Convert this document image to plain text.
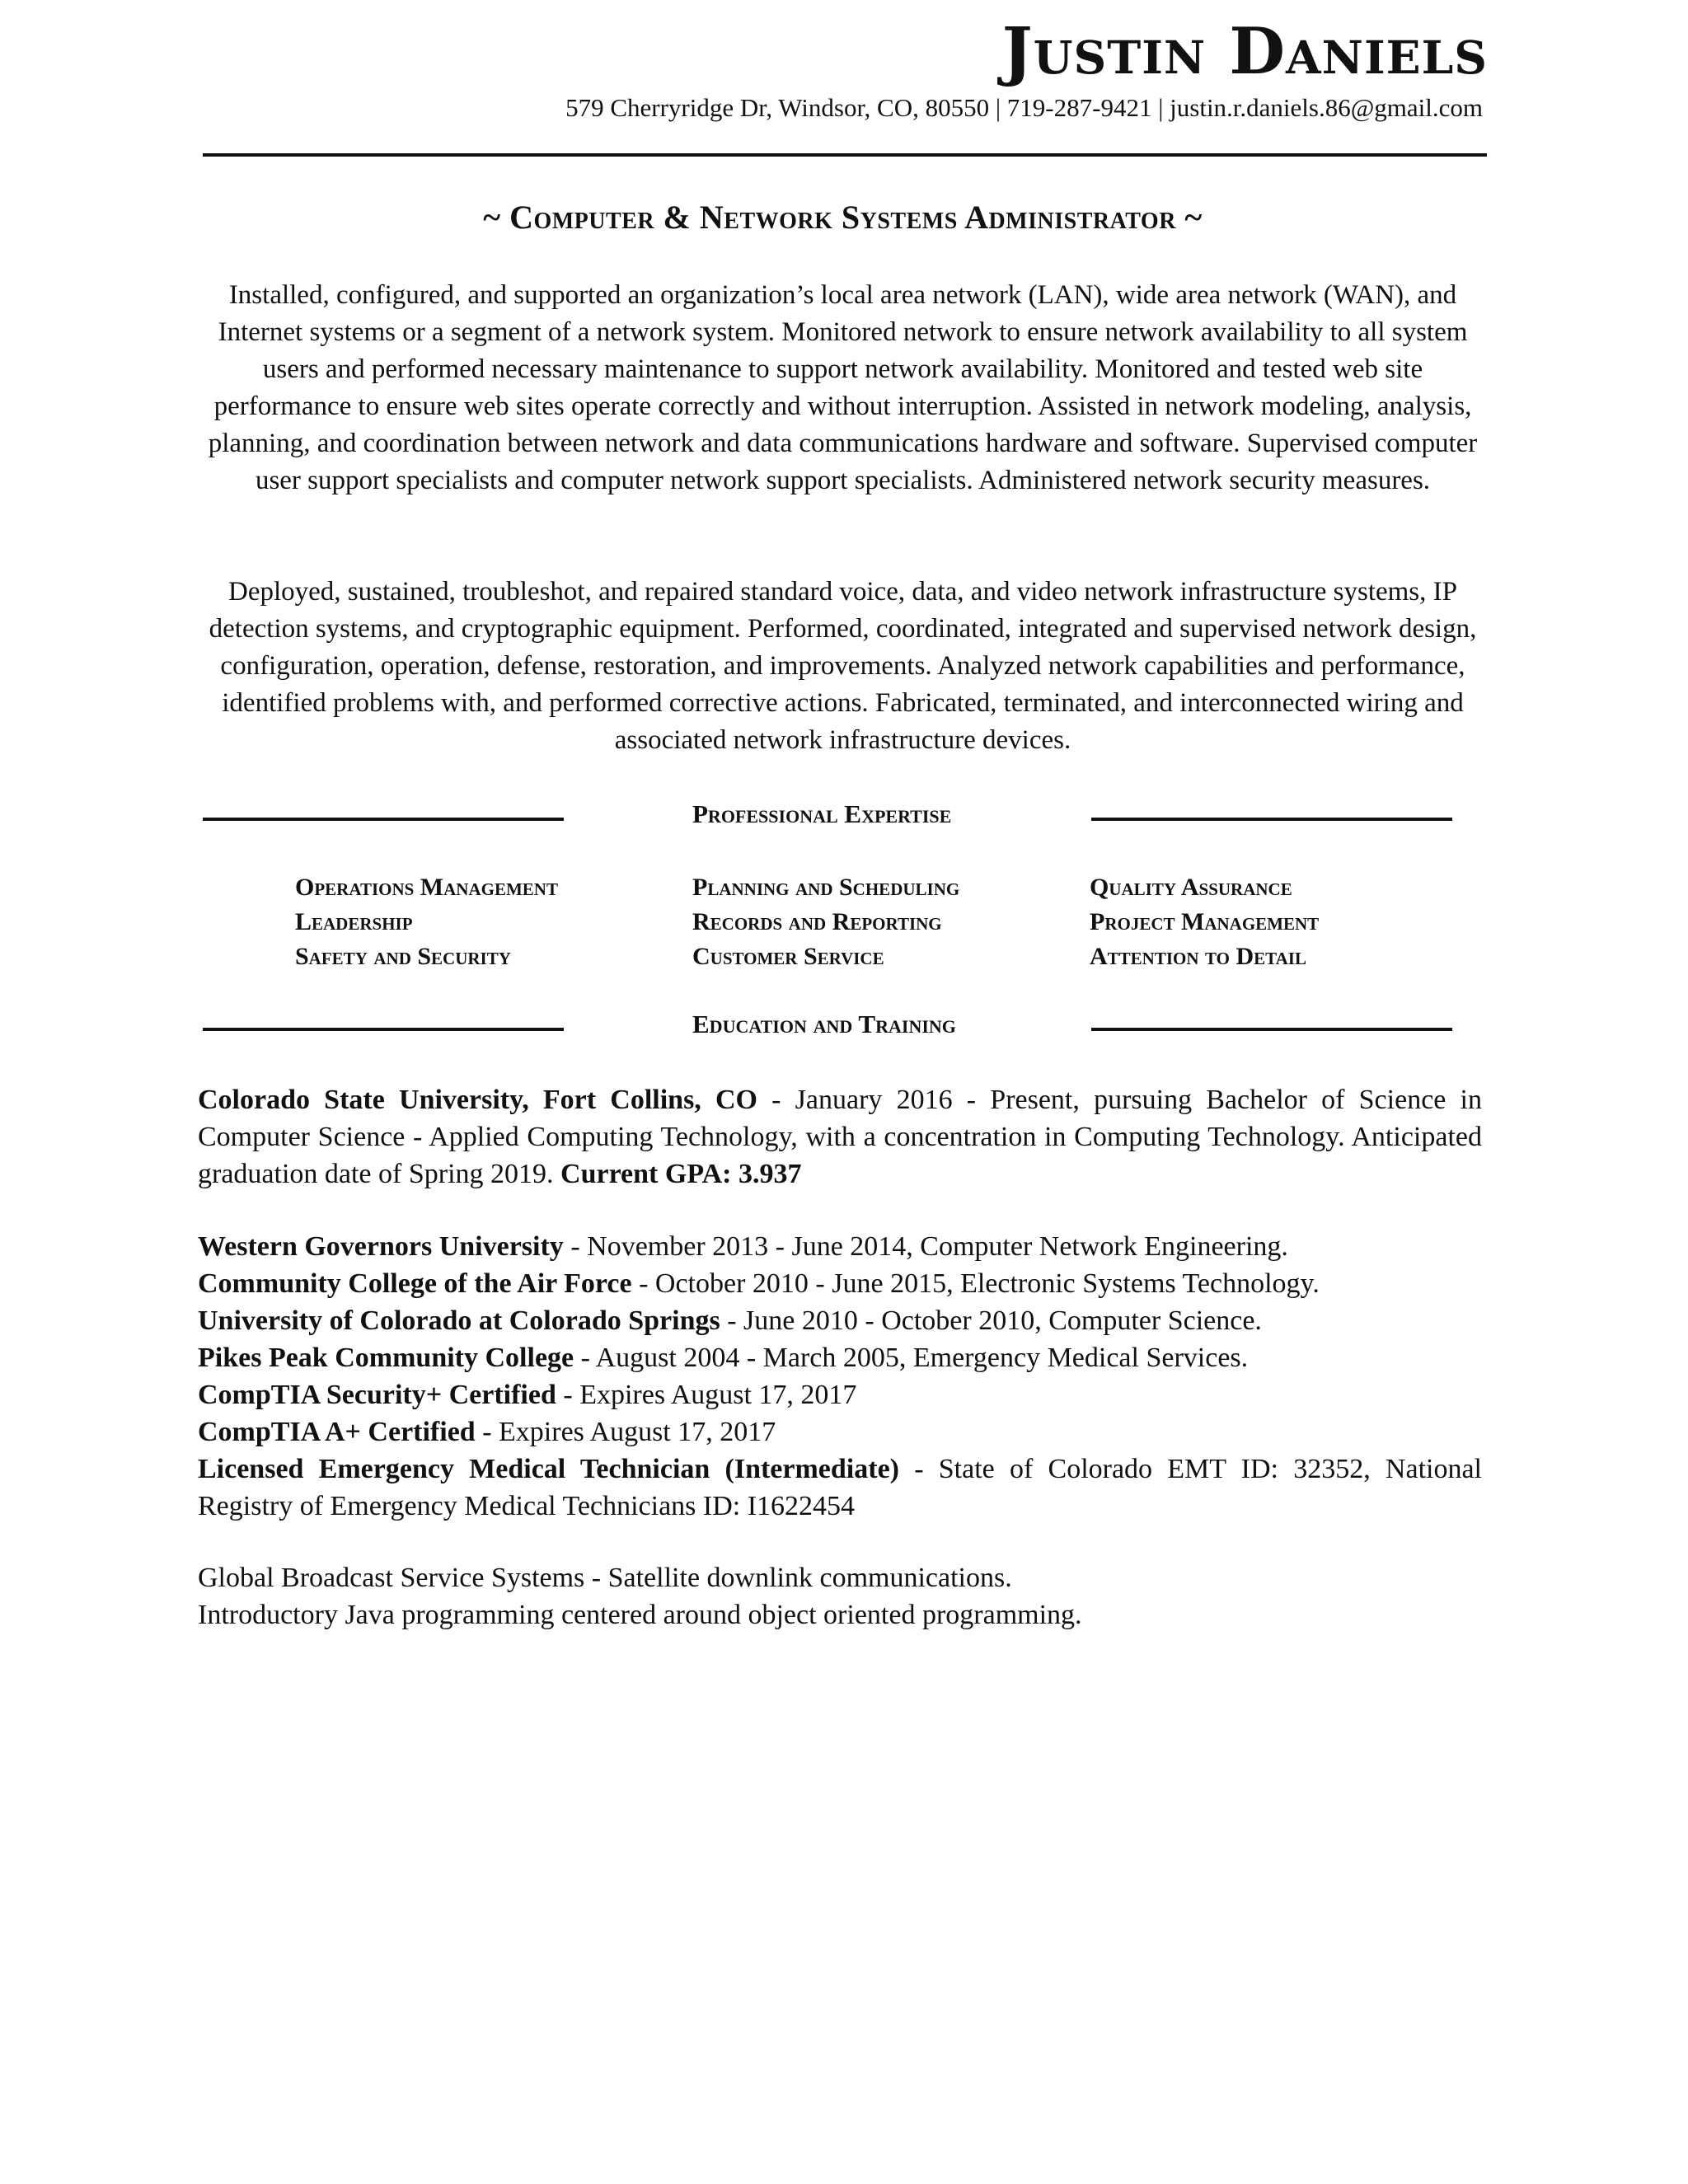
Justin Daniels
579 Cherryridge Dr, Windsor, CO, 80550 | 719-287-9421 | justin.r.daniels.86@gmail.com
~ Computer & Network Systems Administrator ~

Installed, configured, and supported an organization’s local area network (LAN), wide area network (WAN), and Internet systems or a segment of a network system. Monitored network to ensure network availability to all system users and performed necessary maintenance to support network availability. Monitored and tested web site performance to ensure web sites operate correctly and without interruption. Assisted in network modeling, analysis, planning, and coordination between network and data communications hardware and software. Supervised computer user support specialists and computer network support specialists. Administered network security measures.

Deployed, sustained, troubleshot, and repaired standard voice, data, and video network infrastructure systems, IP detection systems, and cryptographic equipment. Performed, coordinated, integrated and supervised network design, configuration, operation, defense, restoration, and improvements. Analyzed network capabilities and performance, identified problems with, and performed corrective actions. Fabricated, terminated, and interconnected wiring and associated network infrastructure devices.

Professional Expertise
Operations Management
Leadership
Safety and Security
Planning and Scheduling
Records and Reporting
Customer Service
Quality Assurance
Project Management
Attention to Detail
Education and Training
Colorado State University, Fort Collins, CO - January 2016 - Present, pursuing Bachelor of Science in Computer Science - Applied Computing Technology, with a concentration in Computing Technology. Anticipated graduation date of Spring 2019. Current GPA: 3.937
Western Governors University - November 2013 - June 2014, Computer Network Engineering.
Community College of the Air Force - October 2010 - June 2015, Electronic Systems Technology.
University of Colorado at Colorado Springs - June 2010 - October 2010, Computer Science.
Pikes Peak Community College - August 2004 - March 2005, Emergency Medical Services.
CompTIA Security+ Certified - Expires August 17, 2017
CompTIA A+ Certified - Expires August 17, 2017
Licensed Emergency Medical Technician (Intermediate) - State of Colorado EMT ID: 32352, National Registry of Emergency Medical Technicians ID: I1622454
Global Broadcast Service Systems - Satellite downlink communications.
Introductory Java programming centered around object oriented programming.
